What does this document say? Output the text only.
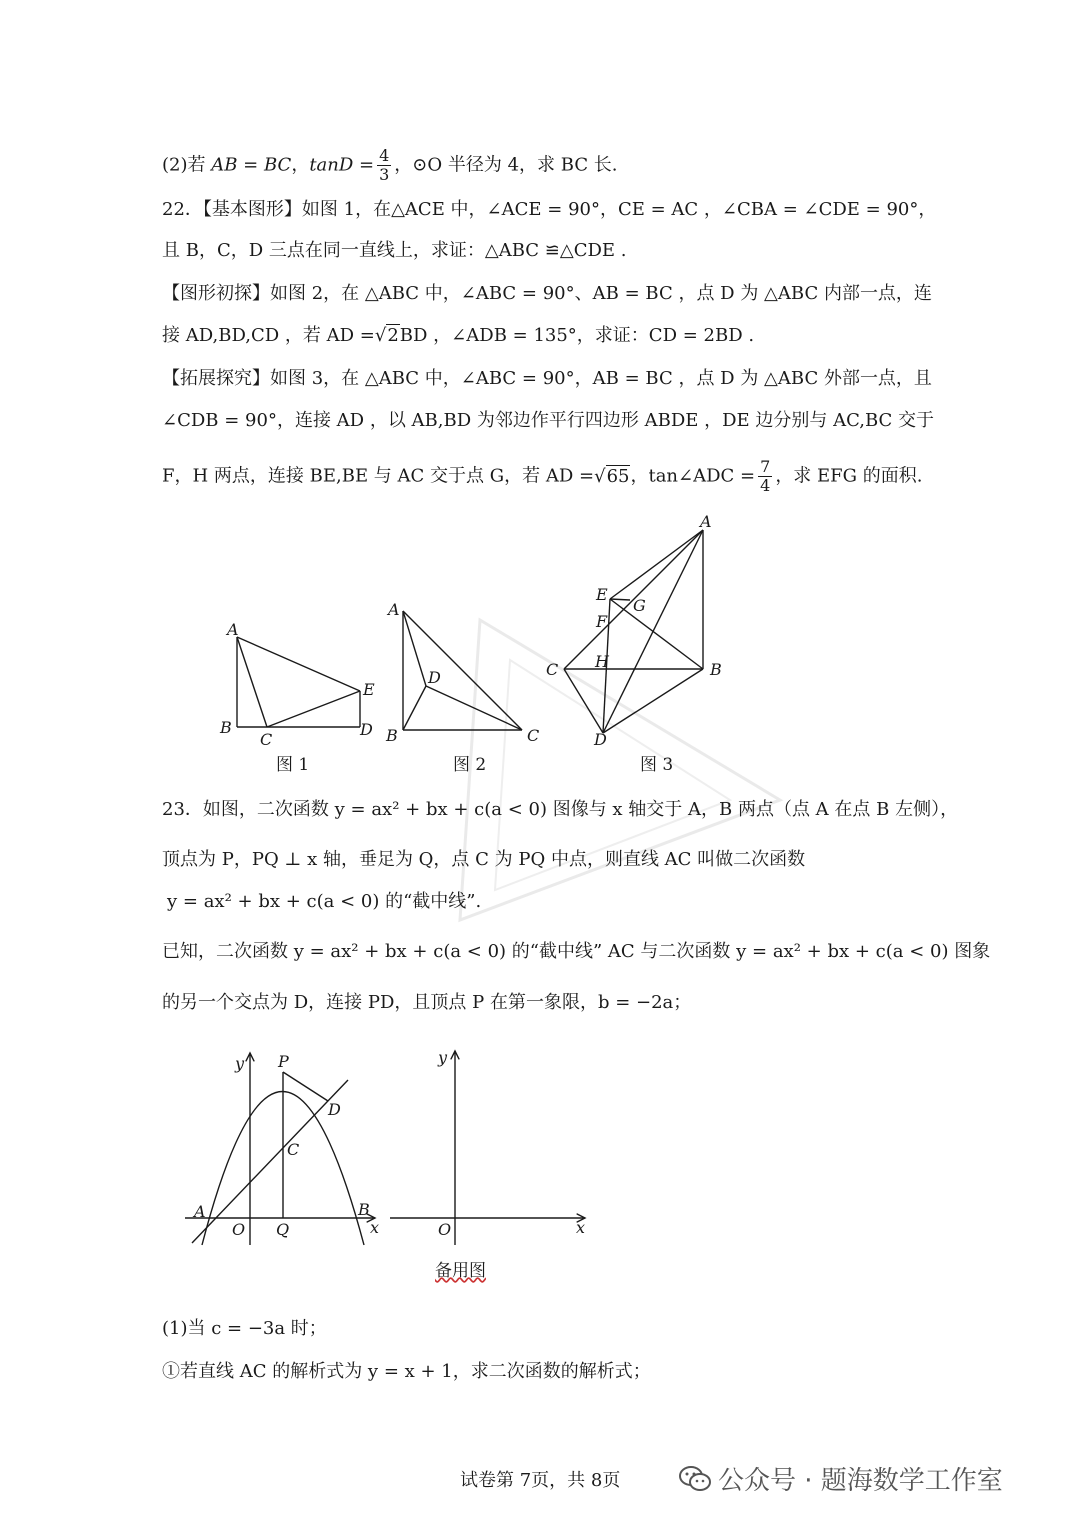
(2)若 AB = BC，$\tan D = \frac{4}{3}$ ，⊙O 半径为 4，求 BC 长.
22．【基本图形】如图 1，在△ACE 中，∠ACE = 90°，CE = AC ，∠CBA = ∠CDE = 90°，
且 B，C，D 三点在同一直线上，求证：△ABC ≌△CDE .
【图形初探】如图 2，在 △ABC 中，∠ABC = 90°、AB = BC ，点 D 为 △ABC 内部一点，连
接 AD,BD,CD ，若 AD =√2BD ，∠ADB = 135°，求证：CD = 2BD .
【拓展探究】如图 3，在 △ABC 中，∠ABC = 90°，AB = BC ，点 D 为 △ABC 外部一点，且
∠CDB = 90°，连接 AD ，以 AB,BD 为邻边作平行四边形 ABDE ，DE 边分别与 AC,BC 交于
F，H 两点，连接 BE,BE 与 AC 交于点 G，若 AD =√65，tan∠ADC = $\frac{7}{4}$ ，求 EFG 的面积.
A
B
C
D
E
A
B	C
D
A
B
C
D
E
F
G
H
图 1	图 2	图 3
23．如图，二次函数 y = ax² + bx + c(a < 0) 图像与 x 轴交于 A，B 两点（点 A 在点 B 左侧），
顶点为 P，PQ ⊥ x 轴，垂足为 Q，点 C 为 PQ 中点，则直线 AC 叫做二次函数
y = ax² + bx + c(a < 0) 的“截中线”.
已知，二次函数 y = ax² + bx + c(a < 0) 的“截中线” AC 与二次函数 y = ax² + bx + c(a < 0) 图象
的另一个交点为 D，连接 PD，且顶点 P 在第一象限，b = −2a；
y
x
P
D
C
A
O Q
B
y
x
O
备用图
(1)当 c = −3a 时；
①若直线 AC 的解析式为 y = x + 1，求二次函数的解析式；
试卷第 7页，共 8页	公众号 · 题海数学工作室
